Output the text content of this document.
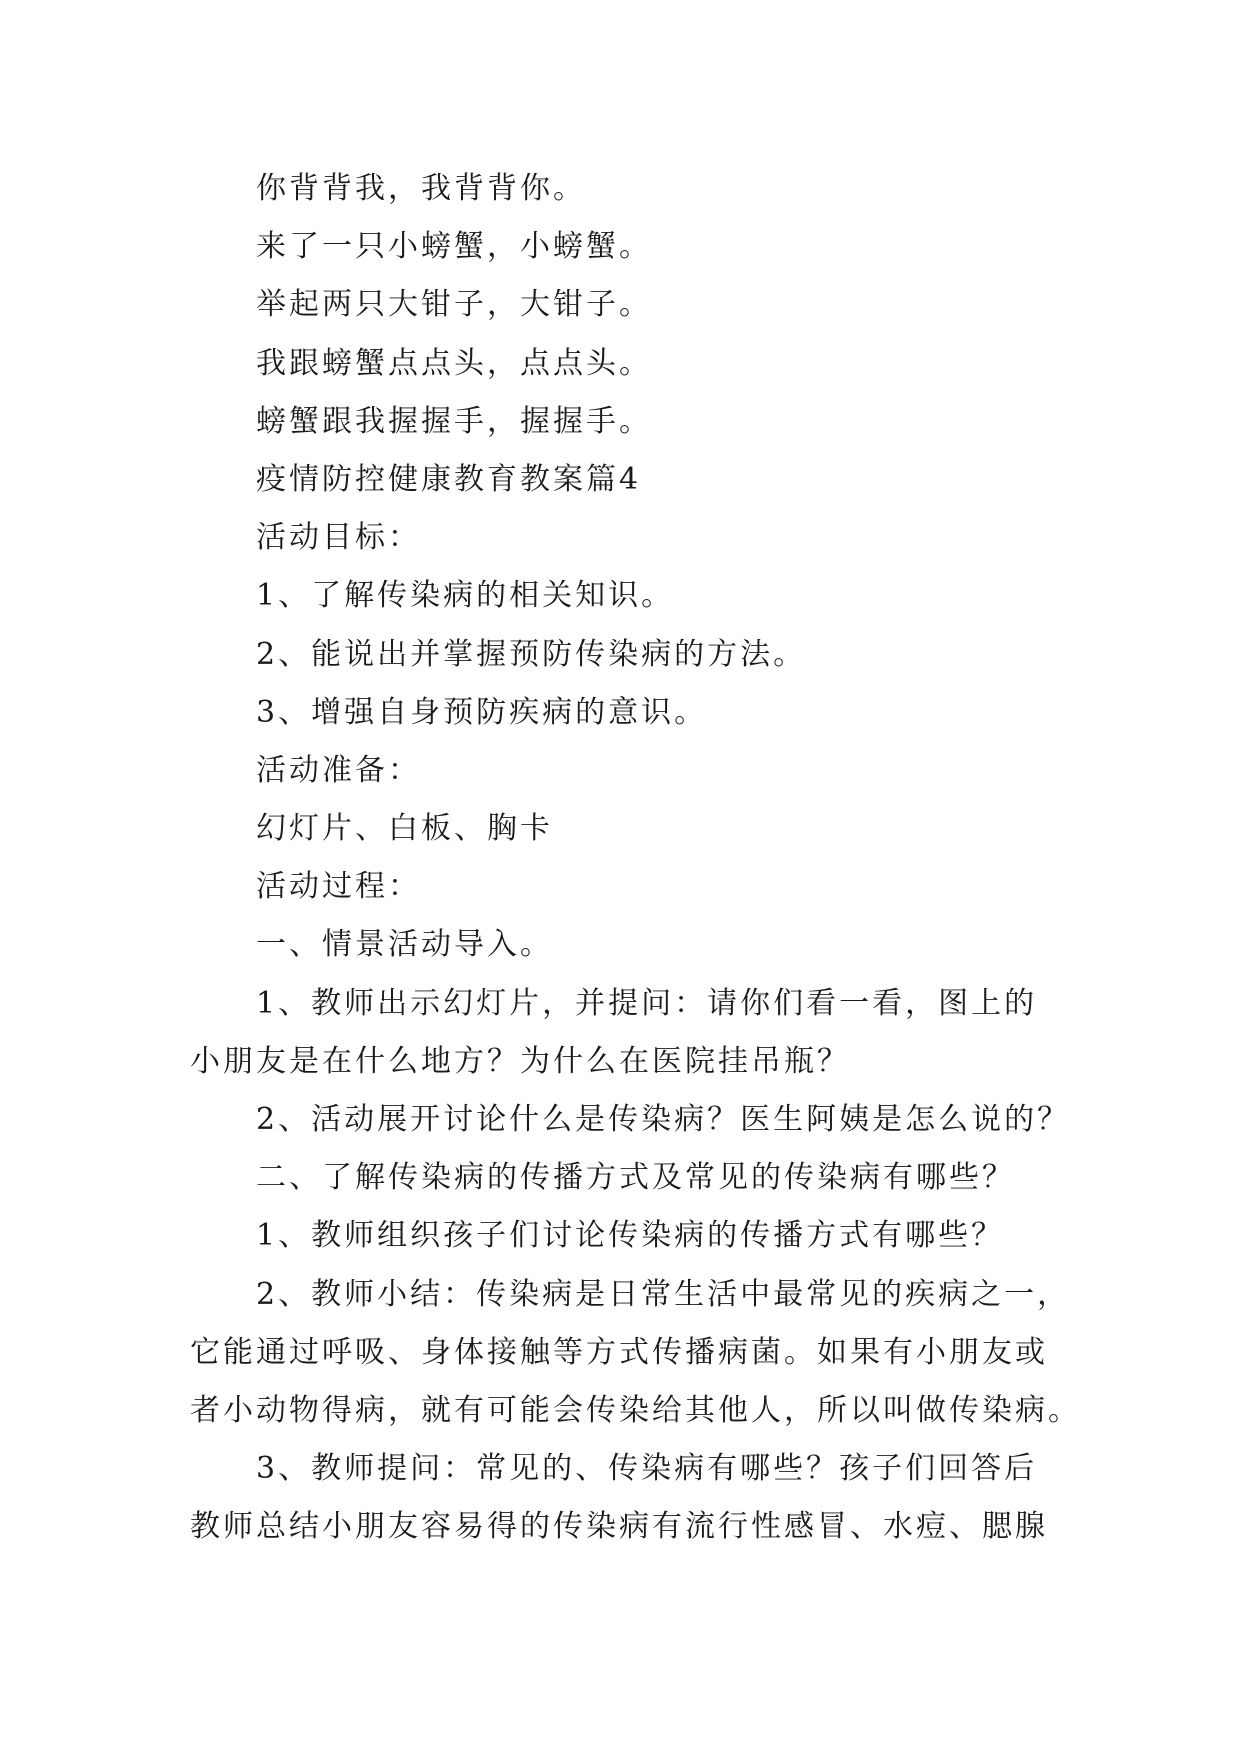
你背背我，我背背你。
来了一只小螃蟹，小螃蟹。
举起两只大钳子，大钳子。
我跟螃蟹点点头，点点头。
螃蟹跟我握握手，握握手。
疫情防控健康教育教案篇4
活动目标：
1、了解传染病的相关知识。
2、能说出并掌握预防传染病的方法。
3、增强自身预防疾病的意识。
活动准备：
幻灯片、白板、胸卡
活动过程：
一、情景活动导入。
1、教师出示幻灯片，并提问：请你们看一看，图上的
小朋友是在什么地方？为什么在医院挂吊瓶？
2、活动展开讨论什么是传染病？医生阿姨是怎么说的？
二、了解传染病的传播方式及常见的传染病有哪些？
1、教师组织孩子们讨论传染病的传播方式有哪些？
2、教师小结：传染病是日常生活中最常见的疾病之一，
它能通过呼吸、身体接触等方式传播病菌。如果有小朋友或
者小动物得病，就有可能会传染给其他人，所以叫做传染病。
3、教师提问：常见的、传染病有哪些？孩子们回答后
教师总结小朋友容易得的传染病有流行性感冒、水痘、腮腺
